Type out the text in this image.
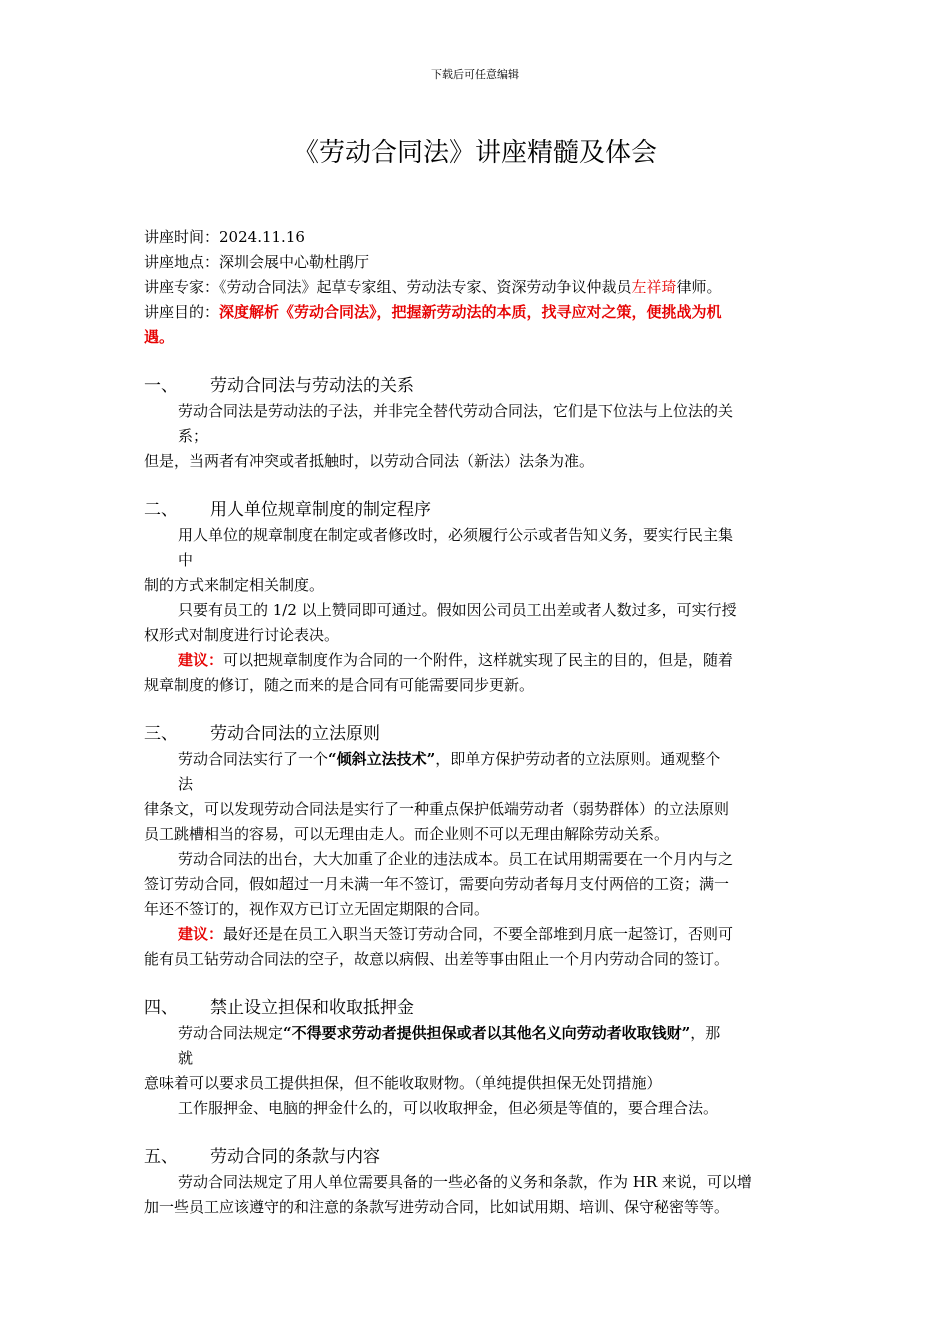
下载后可任意编辑
《劳动合同法》讲座精髓及体会
讲座时间：2024.11.16
讲座地点：深圳会展中心勒杜鹃厅
讲座专家：《劳动合同法》起草专家组、劳动法专家、资深劳动争议仲裁员左祥琦律师。
讲座目的：深度解析《劳动合同法》，把握新劳动法的本质，找寻应对之策，便挑战为机
遇。
一、 劳动合同法与劳动法的关系
劳动合同法是劳动法的子法，并非完全替代劳动合同法，它们是下位法与上位法的关
系；
但是，当两者有冲突或者抵触时，以劳动合同法（新法）法条为准。
二、 用人单位规章制度的制定程序
用人单位的规章制度在制定或者修改时，必须履行公示或者告知义务，要实行民主集
中
制的方式来制定相关制度。
只要有员工的 1/2 以上赞同即可通过。假如因公司员工出差或者人数过多，可实行授
权形式对制度进行讨论表决。
建议：可以把规章制度作为合同的一个附件，这样就实现了民主的目的，但是，随着
规章制度的修订，随之而来的是合同有可能需要同步更新。
三、 劳动合同法的立法原则
劳动合同法实行了一个“倾斜立法技术”，即单方保护劳动者的立法原则。通观整个
法
律条文，可以发现劳动合同法是实行了一种重点保护低端劳动者（弱势群体）的立法原则
员工跳槽相当的容易，可以无理由走人。而企业则不可以无理由解除劳动关系。
劳动合同法的出台，大大加重了企业的违法成本。员工在试用期需要在一个月内与之
签订劳动合同，假如超过一月未满一年不签订，需要向劳动者每月支付两倍的工资；满一
年还不签订的，视作双方已订立无固定期限的合同。
建议：最好还是在员工入职当天签订劳动合同，不要全部堆到月底一起签订，否则可
能有员工钻劳动合同法的空子，故意以病假、出差等事由阻止一个月内劳动合同的签订。
四、 禁止设立担保和收取抵押金
劳动合同法规定“不得要求劳动者提供担保或者以其他名义向劳动者收取钱财”，那
就
意味着可以要求员工提供担保，但不能收取财物。（单纯提供担保无处罚措施）
工作服押金、电脑的押金什么的，可以收取押金，但必须是等值的，要合理合法。
五、 劳动合同的条款与内容
劳动合同法规定了用人单位需要具备的一些必备的义务和条款，作为 HR 来说，可以增
加一些员工应该遵守的和注意的条款写进劳动合同，比如试用期、培训、保守秘密等等。
